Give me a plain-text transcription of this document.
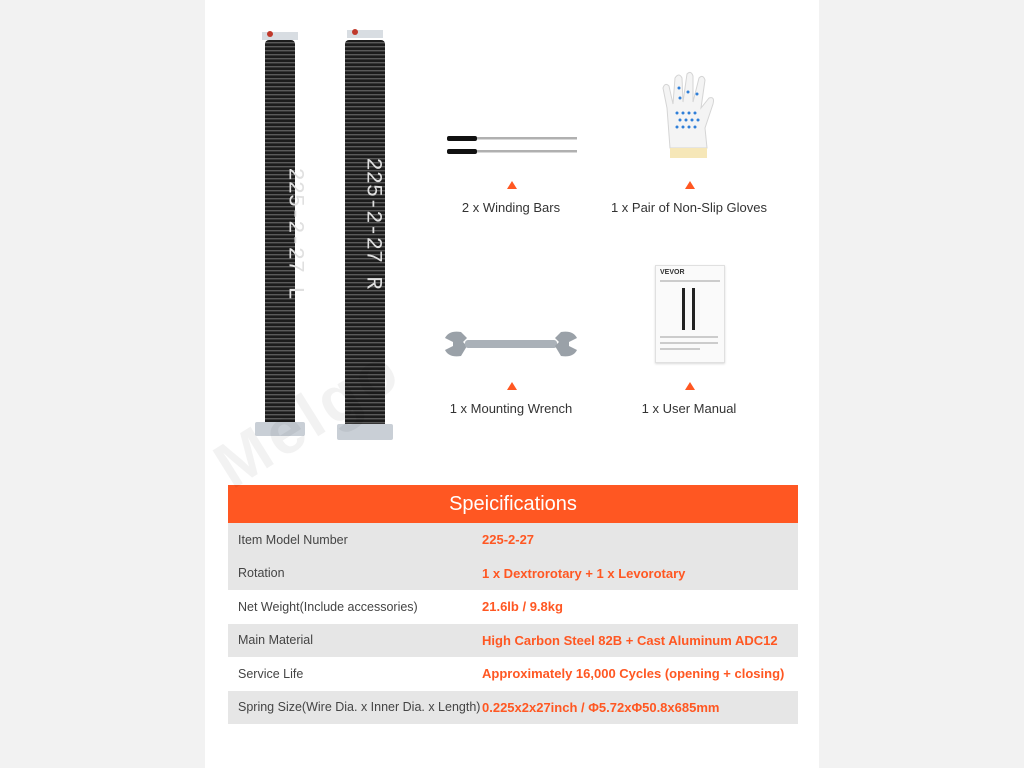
225-2-27 L 225-2-27 R	2 x Winding Bars	1 x Pair of Non-Slip Gloves
1 x Mounting Wrench
VEVOR
1 x User Manual
Speicifications
Item Model Number	225-2-27
Rotation	1 x Dextrorotary + 1 x Levorotary
Net Weight(Include accessories)	21.6lb / 9.8kg
Main Material	High Carbon Steel 82B + Cast Aluminum ADC12
Service Life	Approximately 16,000 Cycles (opening + closing)
Spring Size(Wire Dia. x Inner Dia. x Length) 0.225x2x27inch / Φ5.72xΦ50.8x685mm
